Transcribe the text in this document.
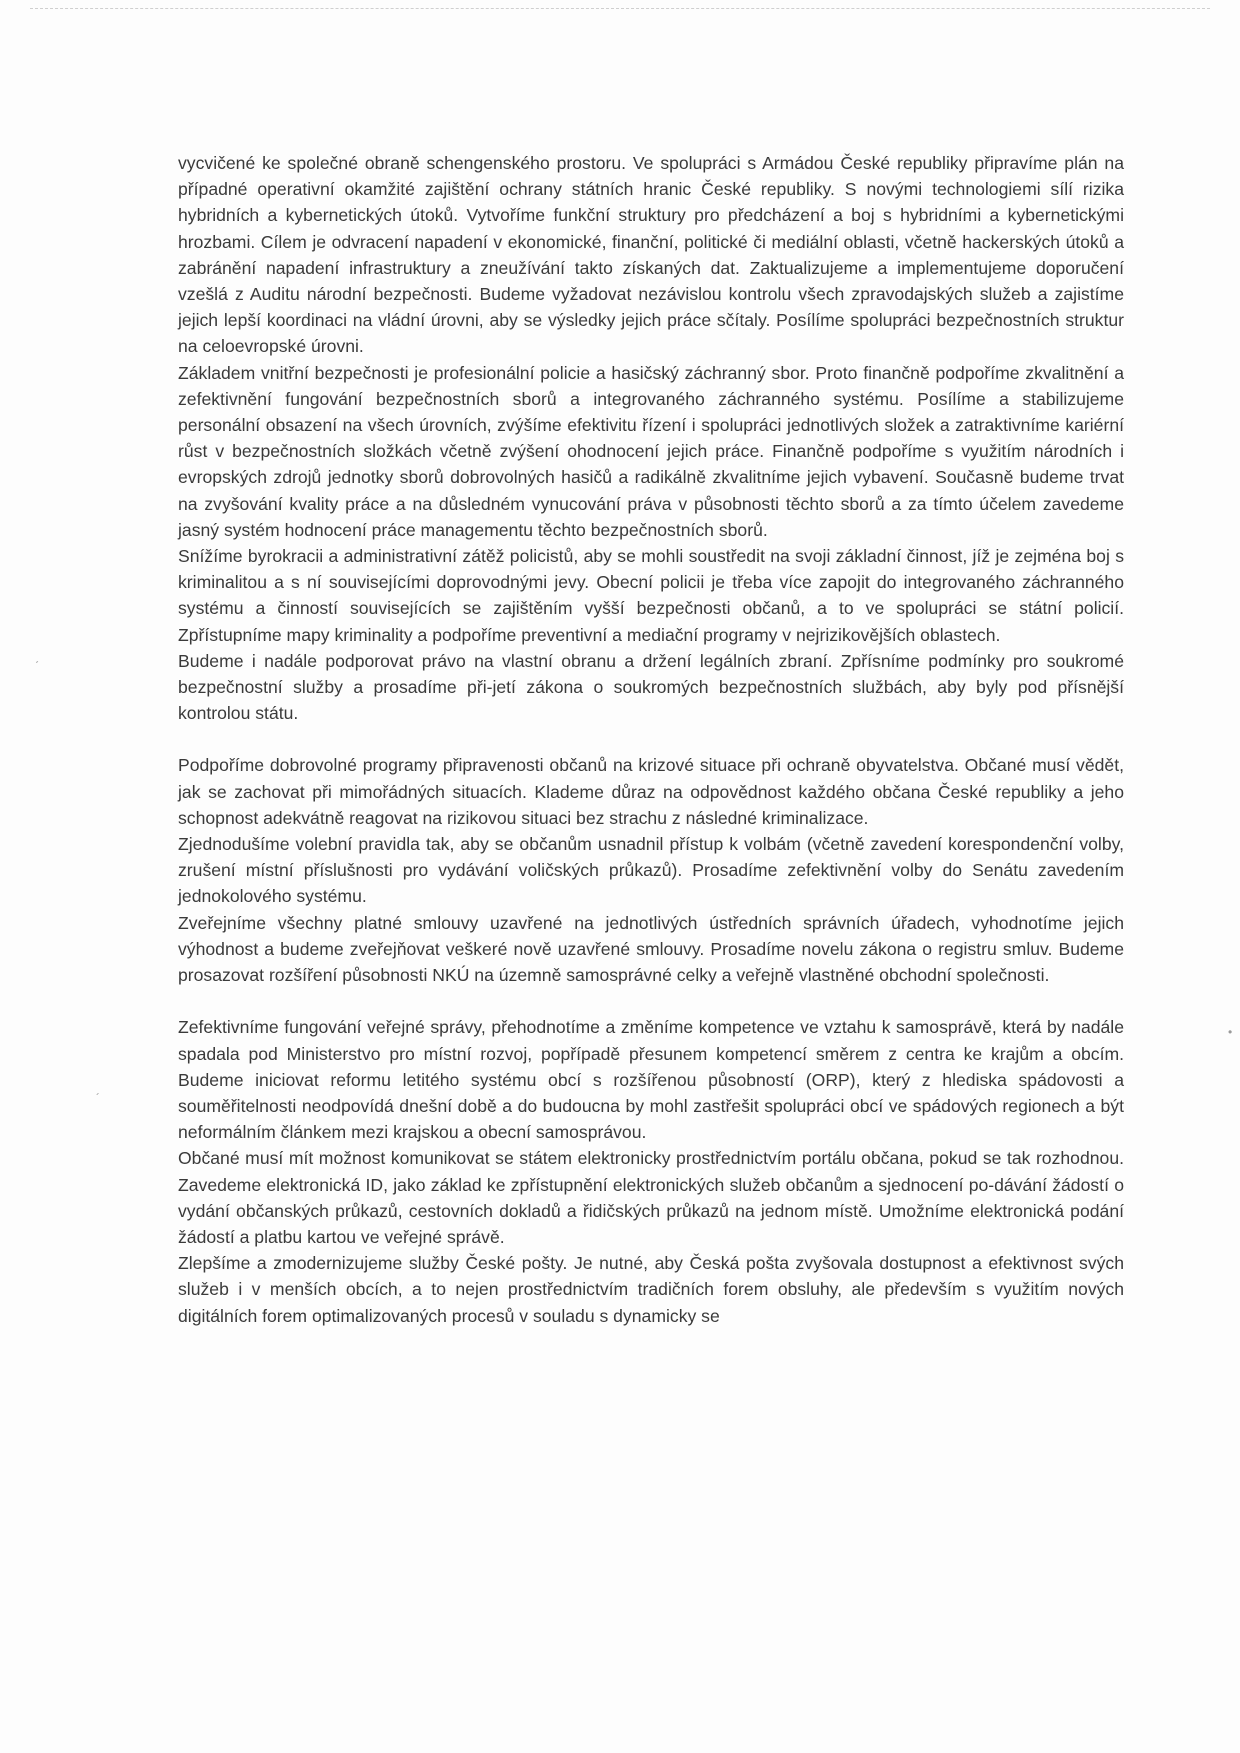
ˊ
•
´

vycvičené ke společné obraně schengenského prostoru. Ve spolupráci s Armádou České republiky připravíme plán na případné operativní okamžité zajištění ochrany státních hranic České republiky. S novými technologiemi sílí rizika hybridních a kybernetických útoků. Vytvoříme funkční struktury pro předcházení a boj s hybridními a kybernetickými hrozbami. Cílem je odvracení napadení v ekonomické, finanční, politické či mediální oblasti, včetně hackerských útoků a zabránění napadení infrastruktury a zneužívání takto získaných dat. Zaktualizujeme a implementujeme doporučení vzešlá z Auditu národní bezpečnosti. Budeme vyžadovat nezávislou kontrolu všech zpravodajských služeb a zajistíme jejich lepší koordinaci na vládní úrovni, aby se výsledky jejich práce sčítaly. Posílíme spolupráci bezpečnostních struktur na celoevropské úrovni.

Základem vnitřní bezpečnosti je profesionální policie a hasičský záchranný sbor. Proto finančně podpoříme zkvalitnění a zefektivnění fungování bezpečnostních sborů a integrovaného záchranného systému. Posílíme a stabilizujeme personální obsazení na všech úrovních, zvýšíme efektivitu řízení i spolupráci jednotlivých složek a zatraktivníme kariérní růst v bezpečnostních složkách včetně zvýšení ohodnocení jejich práce. Finančně podpoříme s využitím národních i evropských zdrojů jednotky sborů dobrovolných hasičů a radikálně zkvalitníme jejich vybavení. Současně budeme trvat na zvyšování kvality práce a na důsledném vynucování práva v působnosti těchto sborů a za tímto účelem zavedeme jasný systém hodnocení práce managementu těchto bezpečnostních sborů.

Snížíme byrokracii a administrativní zátěž policistů, aby se mohli soustředit na svoji základní činnost, jíž je zejména boj s kriminalitou a s ní souvisejícími doprovodnými jevy. Obecní policii je třeba více zapojit do integrovaného záchranného systému a činností souvisejících se zajištěním vyšší bezpečnosti občanů, a to ve spolupráci se státní policií. Zpřístupníme mapy kriminality a podpoříme preventivní a mediační programy v nejrizikovějších oblastech.

Budeme i nadále podporovat právo na vlastní obranu a držení legálních zbraní. Zpřísníme podmínky pro soukromé bezpečnostní služby a prosadíme při-jetí zákona o soukromých bezpečnostních službách, aby byly pod přísnější kontrolou státu.

Podpoříme dobrovolné programy připravenosti občanů na krizové situace při ochraně obyvatelstva. Občané musí vědět, jak se zachovat při mimořádných situacích. Klademe důraz na odpovědnost každého občana České republiky a jeho schopnost adekvátně reagovat na rizikovou situaci bez strachu z následné kriminalizace.

Zjednodušíme volební pravidla tak, aby se občanům usnadnil přístup k volbám (včetně zavedení korespondenční volby, zrušení místní příslušnosti pro vydávání voličských průkazů). Prosadíme zefektivnění volby do Senátu zavedením jednokolového systému.

Zveřejníme všechny platné smlouvy uzavřené na jednotlivých ústředních správních úřadech, vyhodnotíme jejich výhodnost a budeme zveřejňovat veškeré nově uzavřené smlouvy. Prosadíme novelu zákona o registru smluv. Budeme prosazovat rozšíření působnosti NKÚ na územně samosprávné celky a veřejně vlastněné obchodní společnosti.

Zefektivníme fungování veřejné správy, přehodnotíme a změníme kompetence ve vztahu k samosprávě, která by nadále spadala pod Ministerstvo pro místní rozvoj, popřípadě přesunem kompetencí směrem z centra ke krajům a obcím. Budeme iniciovat reformu letitého systému obcí s rozšířenou působností (ORP), který z hlediska spádovosti a souměřitelnosti neodpovídá dnešní době a do budoucna by mohl zastřešit spolupráci obcí ve spádových regionech a být neformálním článkem mezi krajskou a obecní samosprávou.

Občané musí mít možnost komunikovat se státem elektronicky prostřednictvím portálu občana, pokud se tak rozhodnou. Zavedeme elektronická ID, jako základ ke zpřístupnění elektronických služeb občanům a sjednocení po-dávání žádostí o vydání občanských průkazů, cestovních dokladů a řidičských průkazů na jednom místě. Umožníme elektronická podání žádostí a platbu kartou ve veřejné správě.

Zlepšíme a zmodernizujeme služby České pošty. Je nutné, aby Česká pošta zvyšovala dostupnost a efektivnost svých služeb i v menších obcích, a to nejen prostřednictvím tradičních forem obsluhy, ale především s využitím nových digitálních forem optimalizovaných procesů v souladu s dynamicky se
